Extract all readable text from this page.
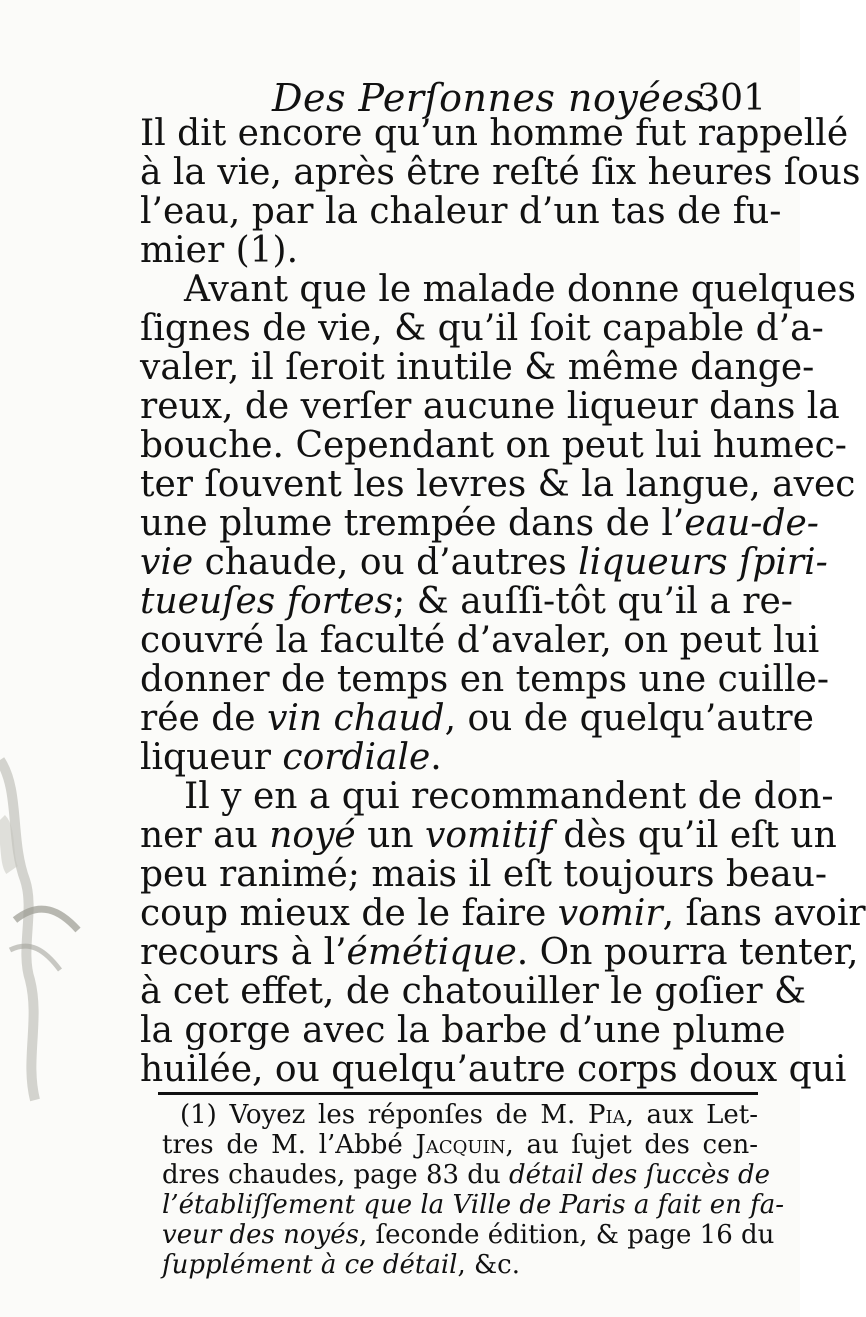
Des Perſonnes noyées.
301
Il dit encore qu’un homme fut rappellé
à la vie, après être reſté ſix heures ſous
l’eau, par la chaleur d’un tas de fu-
mier (1).
Avant que le malade donne quelques
ſignes de vie, & qu’il ſoit capable d’a-
valer, il ſeroit inutile & même dange-
reux, de verſer aucune liqueur dans la
bouche. Cependant on peut lui humec-
ter ſouvent les levres & la langue, avec
une plume trempée dans de l’eau-de-
vie chaude, ou d’autres liqueurs ſpiri-
tueuſes fortes; & auſſi-tôt qu’il a re-
couvré la faculté d’avaler, on peut lui
donner de temps en temps une cuille-
rée de vin chaud, ou de quelqu’autre
liqueur cordiale.
Il y en a qui recommandent de don-
ner au noyé un vomitif dès qu’il eſt un
peu ranimé; mais il eſt toujours beau-
coup mieux de le faire vomir, ſans avoir
recours à l’émétique. On pourra tenter,
à cet effet, de chatouiller le goſier &
la gorge avec la barbe d’une plume
huilée, ou quelqu’autre corps doux qui
(1) Voyez les réponſes de M. Pia, aux Let-
tres de M. l’Abbé Jacquin, au ſujet des cen-
dres chaudes, page 83 du détail des ſuccès de
l’établiſſement que la Ville de Paris a fait en fa-
veur des noyés, ſeconde édition, & page 16 du
ſupplément à ce détail, &c.
